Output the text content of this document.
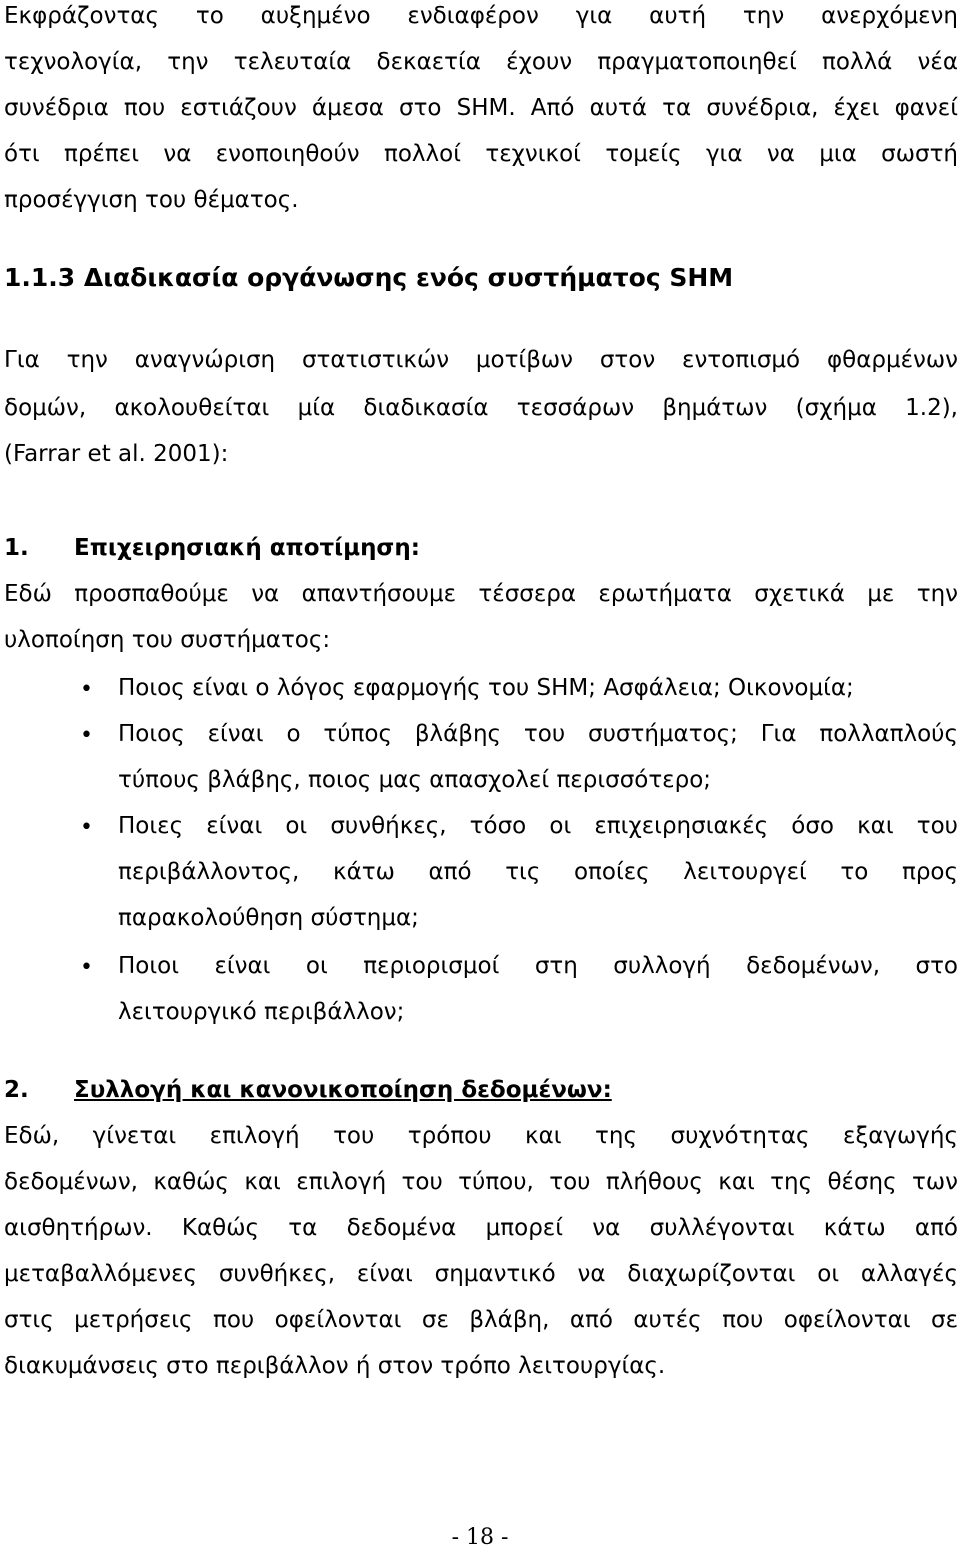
Εκφράζοντας το αυξημένο ενδιαφέρον για αυτή την ανερχόμενη
τεχνολογία, την τελευταία δεκαετία έχουν πραγματοποιηθεί πολλά νέα
συνέδρια που εστιάζουν άμεσα στο SHM. Από αυτά τα συνέδρια, έχει φανεί
ότι πρέπει να ενοποιηθούν πολλοί τεχνικοί τομείς για να μια σωστή
προσέγγιση του θέματος.
1.1.3 Διαδικασία οργάνωσης ενός συστήματος SHM
Για την αναγνώριση στατιστικών μοτίβων στον εντοπισμό φθαρμένων
δομών, ακολουθείται μία διαδικασία τεσσάρων βημάτων (σχήμα 1.2),
(Farrar et al. 2001):
1. Επιχειρησιακή αποτίμηση:
Εδώ προσπαθούμε να απαντήσουμε τέσσερα ερωτήματα σχετικά με την
υλοποίηση του συστήματος:
•
Ποιος είναι ο λόγος εφαρμογής του SHM; Ασφάλεια; Οικονομία;
•
Ποιος είναι ο τύπος βλάβης του συστήματος; Για πολλαπλούς
τύπους βλάβης, ποιος μας απασχολεί περισσότερο;
•
Ποιες είναι οι συνθήκες, τόσο οι επιχειρησιακές όσο και του
περιβάλλοντος, κάτω από τις οποίες λειτουργεί το προς
παρακολούθηση σύστημα;
•
Ποιοι είναι οι περιορισμοί στη συλλογή δεδομένων, στο
λειτουργικό περιβάλλον;
2. Συλλογή και κανονικοποίηση δεδομένων:
Εδώ, γίνεται επιλογή του τρόπου και της συχνότητας εξαγωγής
δεδομένων, καθώς και επιλογή του τύπου, του πλήθους και της θέσης των
αισθητήρων. Καθώς τα δεδομένα μπορεί να συλλέγονται κάτω από
μεταβαλλόμενες συνθήκες, είναι σημαντικό να διαχωρίζονται οι αλλαγές
στις μετρήσεις που οφείλονται σε βλάβη, από αυτές που οφείλονται σε
διακυμάνσεις στο περιβάλλον ή στον τρόπο λειτουργίας.
- 18 -
